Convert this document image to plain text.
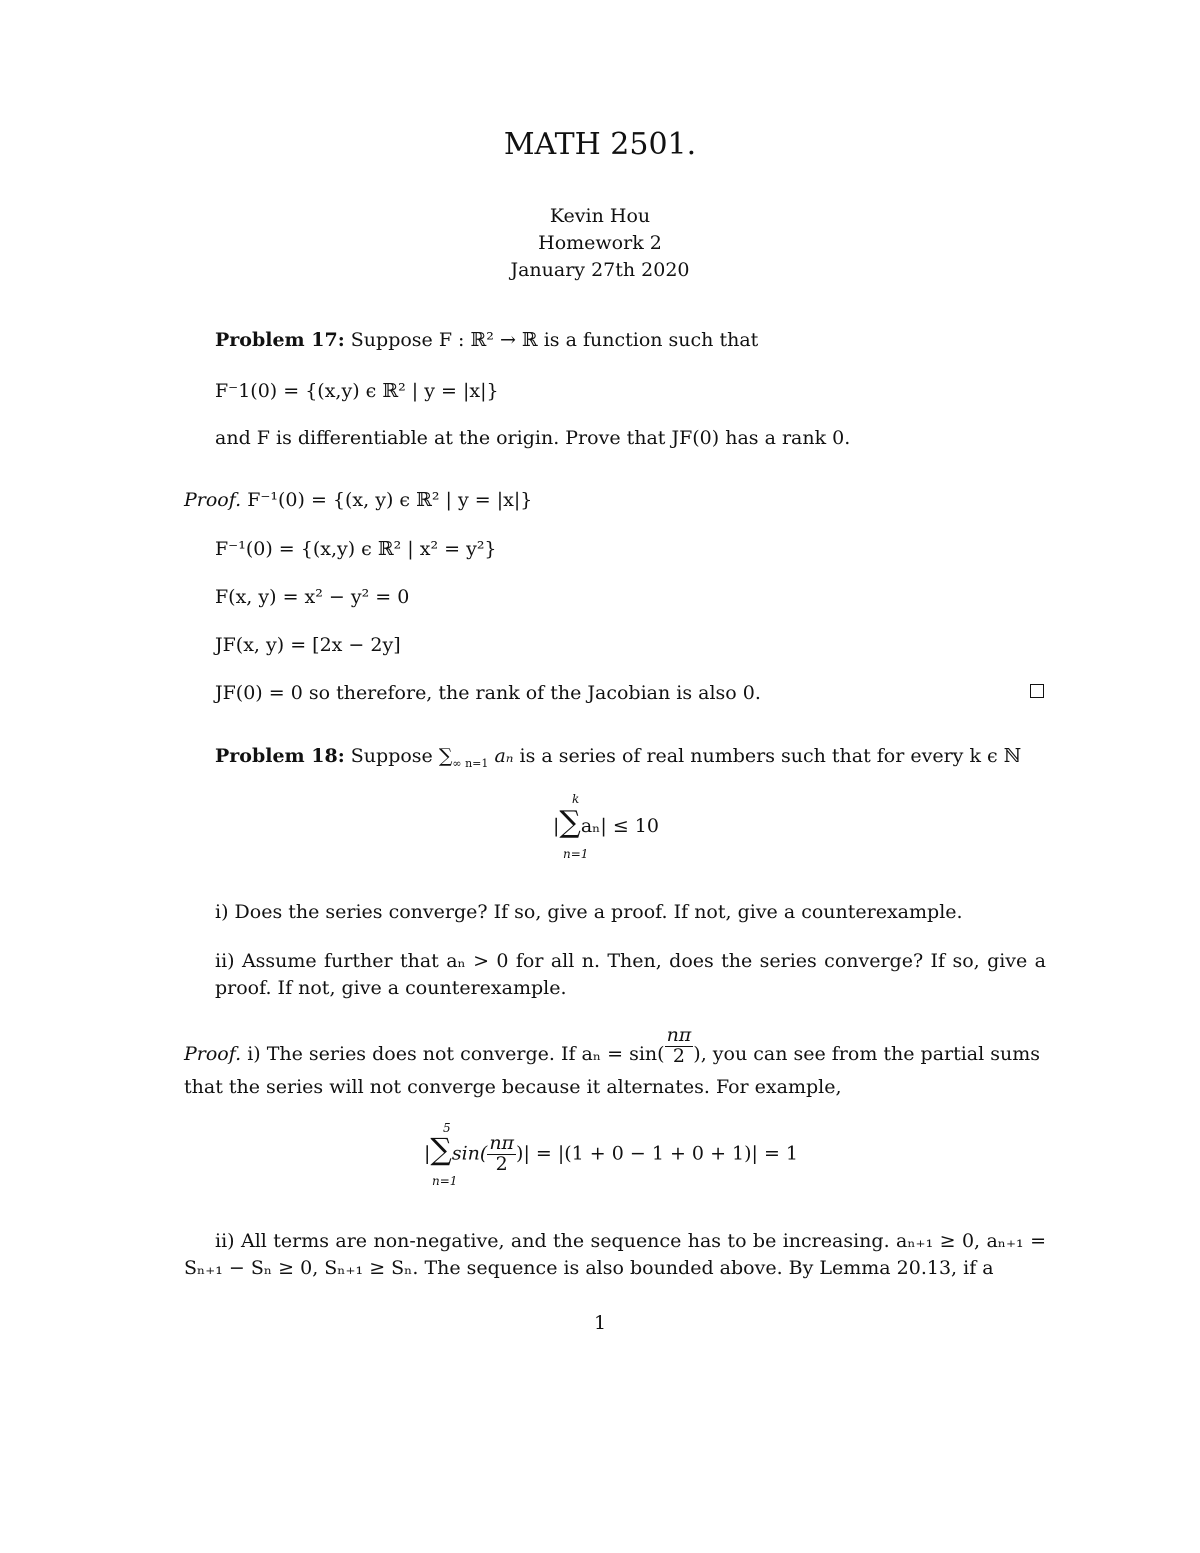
MATH 2501.
Kevin Hou
Homework 2
January 27th 2020
Problem 17: Suppose F : ℝ² → ℝ is a function such that
F⁻1(0) = {(x,y) ϵ ℝ² | y = |x|}
and F is differentiable at the origin. Prove that JF(0) has a rank 0.
Proof. F⁻¹(0) = {(x, y) ϵ ℝ² | y = |x|}
F⁻¹(0) = {(x,y) ϵ ℝ² | x² = y²}
F(x, y) = x² − y² = 0
JF(x, y) = [2x − 2y]
JF(0) = 0 so therefore, the rank of the Jacobian is also 0.
Problem 18: Suppose $\sum_{\infty n=1}$ aₙ is a series of real numbers such that for every k ϵ ℕ
k
|∑aₙ| ≤ 10
n=1
i) Does the series converge? If so, give a proof. If not, give a counterexample.
ii) Assume further that aₙ > 0 for all n. Then, does the series converge? If so, give a proof. If not, give a counterexample.
Proof. i) The series does not converge. If $a_n = \sin( \frac{n\pi}{2}$ ), you can see from the partial sums
that the series will not converge because it alternates. For example,
5
$|\sum\sin( \frac{n\pi}{2}$ )| = |(1 + 0 − 1 + 0 + 1)| = 1
n=1
ii) All terms are non-negative, and the sequence has to be increasing. aₙ₊₁ ≥ 0, aₙ₊₁ = Sₙ₊₁ − Sₙ ≥ 0, Sₙ₊₁ ≥ Sₙ. The sequence is also bounded above. By Lemma 20.13, if a
1
